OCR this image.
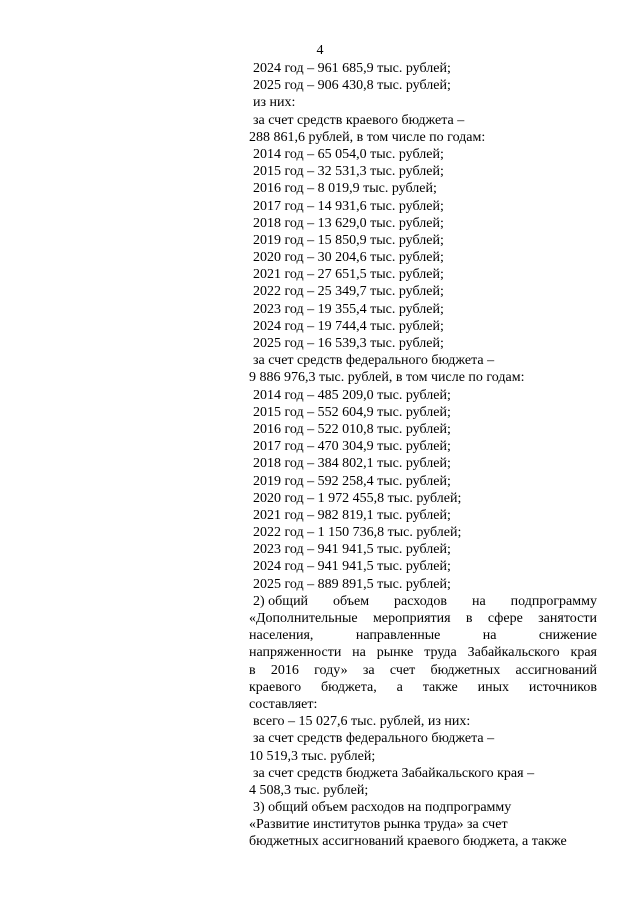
4
2024 год – 961 685,9 тыс. рублей;
2025 год – 906 430,8 тыс. рублей;
из них:
за счет средств краевого бюджета –
288 861,6 рублей, в том числе по годам:
2014 год – 65 054,0 тыс. рублей;
2015 год – 32 531,3 тыс. рублей;
2016 год – 8 019,9 тыс. рублей;
2017 год – 14 931,6 тыс. рублей;
2018 год – 13 629,0 тыс. рублей;
2019 год – 15 850,9 тыс. рублей;
2020 год – 30 204,6 тыс. рублей;
2021 год – 27 651,5 тыс. рублей;
2022 год – 25 349,7 тыс. рублей;
2023 год – 19 355,4 тыс. рублей;
2024 год – 19 744,4 тыс. рублей;
2025 год – 16 539,3 тыс. рублей;
за счет средств федерального бюджета –
9 886 976,3 тыс. рублей, в том числе по годам:
2014 год – 485 209,0 тыс. рублей;
2015 год – 552 604,9 тыс. рублей;
2016 год – 522 010,8 тыс. рублей;
2017 год – 470 304,9 тыс. рублей;
2018 год – 384 802,1 тыс. рублей;
2019 год – 592 258,4 тыс. рублей;
2020 год – 1 972 455,8 тыс. рублей;
2021 год – 982 819,1 тыс. рублей;
2022 год – 1 150 736,8 тыс. рублей;
2023 год – 941 941,5 тыс. рублей;
2024 год – 941 941,5 тыс. рублей;
2025 год – 889 891,5 тыс. рублей;
2) общий объем расходов на подпрограмму
«Дополнительные мероприятия в сфере занятости
населения,	направленные	на	снижение
напряженности на рынке труда Забайкальского края
в 2016 году» за счет бюджетных ассигнований
краевого бюджета, а также иных источников
составляет:
всего – 15 027,6 тыс. рублей, из них:
за счет средств федерального бюджета –
10 519,3 тыс. рублей;
за счет средств бюджета Забайкальского края –
4 508,3 тыс. рублей;
3) общий объем расходов на подпрограмму
«Развитие институтов рынка труда» за счет
бюджетных ассигнований краевого бюджета, а также
